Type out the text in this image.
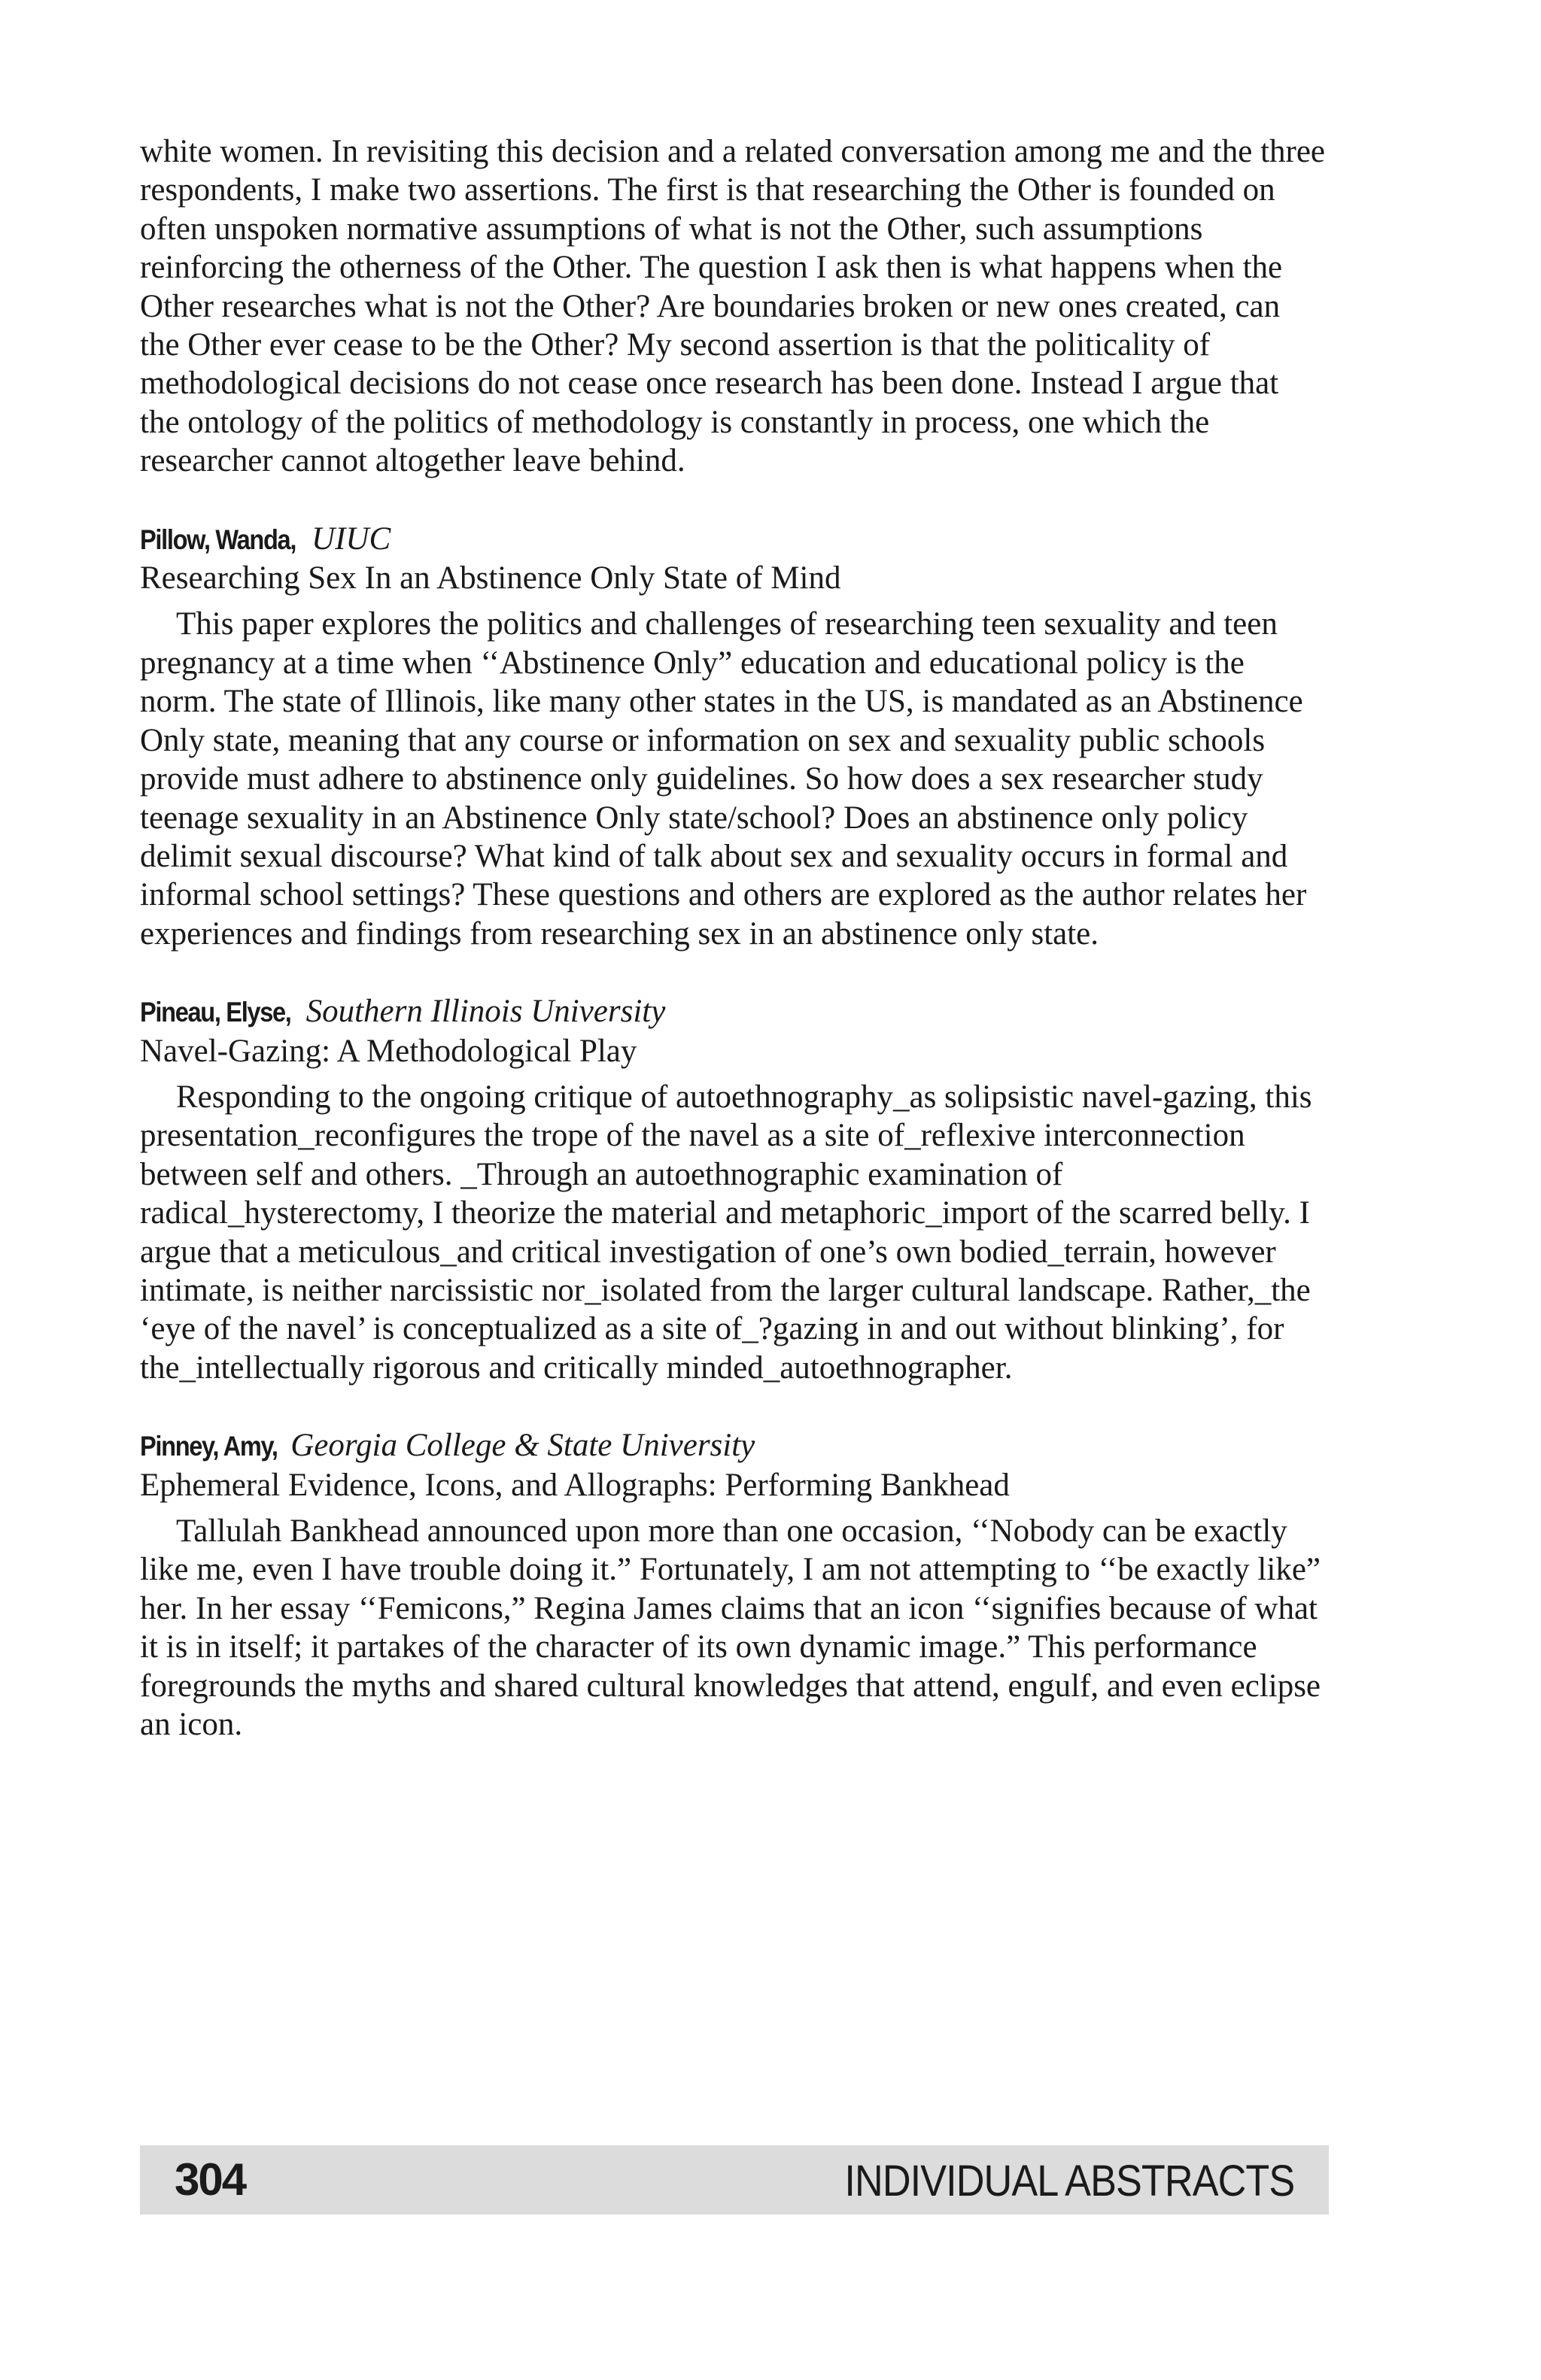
white women. In revisiting this decision and a related conversation among me and the three respondents, I make two assertions. The first is that researching the Other is founded on often unspoken normative assumptions of what is not the Other, such assumptions reinforcing the otherness of the Other. The question I ask then is what happens when the Other researches what is not the Other? Are boundaries broken or new ones created, can the Other ever cease to be the Other? My second assertion is that the politicality of methodological decisions do not cease once research has been done. Instead I argue that the ontology of the politics of methodology is constantly in process, one which the researcher cannot altogether leave behind.

Pillow, Wanda, UIUC

Researching Sex In an Abstinence Only State of Mind

This paper explores the politics and challenges of researching teen sexuality and teen pregnancy at a time when ‘‘Abstinence Only” education and educational policy is the norm. The state of Illinois, like many other states in the US, is mandated as an Abstinence Only state, meaning that any course or information on sex and sexuality public schools provide must adhere to abstinence only guidelines. So how does a sex researcher study teenage sexuality in an Abstinence Only state/school? Does an abstinence only policy delimit sexual discourse? What kind of talk about sex and sexuality occurs in formal and informal school settings? These questions and others are explored as the author relates her experiences and findings from researching sex in an abstinence only state.

Pineau, Elyse, Southern Illinois University

Navel-Gazing: A Methodological Play

Responding to the ongoing critique of autoethnography_as solipsistic navel-gazing, this presentation_reconfigures the trope of the navel as a site of_reflexive interconnection between self and others. _Through an autoethnographic examination of radical_hysterectomy, I theorize the material and metaphoric_import of the scarred belly. I argue that a meticulous_and critical investigation of one’s own bodied_terrain, however intimate, is neither narcissistic nor_isolated from the larger cultural landscape. Rather,_the ‘eye of the navel’ is conceptualized as a site of_?gazing in and out without blinking’, for the_intellectually rigorous and critically minded_autoethnographer.

Pinney, Amy, Georgia College & State University

Ephemeral Evidence, Icons, and Allographs: Performing Bankhead

Tallulah Bankhead announced upon more than one occasion, ‘‘Nobody can be exactly like me, even I have trouble doing it.” Fortunately, I am not attempting to ‘‘be exactly like” her. In her essay ‘‘Femicons,” Regina James claims that an icon ‘‘signifies because of what it is in itself; it partakes of the character of its own dynamic image.” This performance foregrounds the myths and shared cultural knowledges that attend, engulf, and even eclipse an icon.

304	INDIVIDUAL ABSTRACTS
